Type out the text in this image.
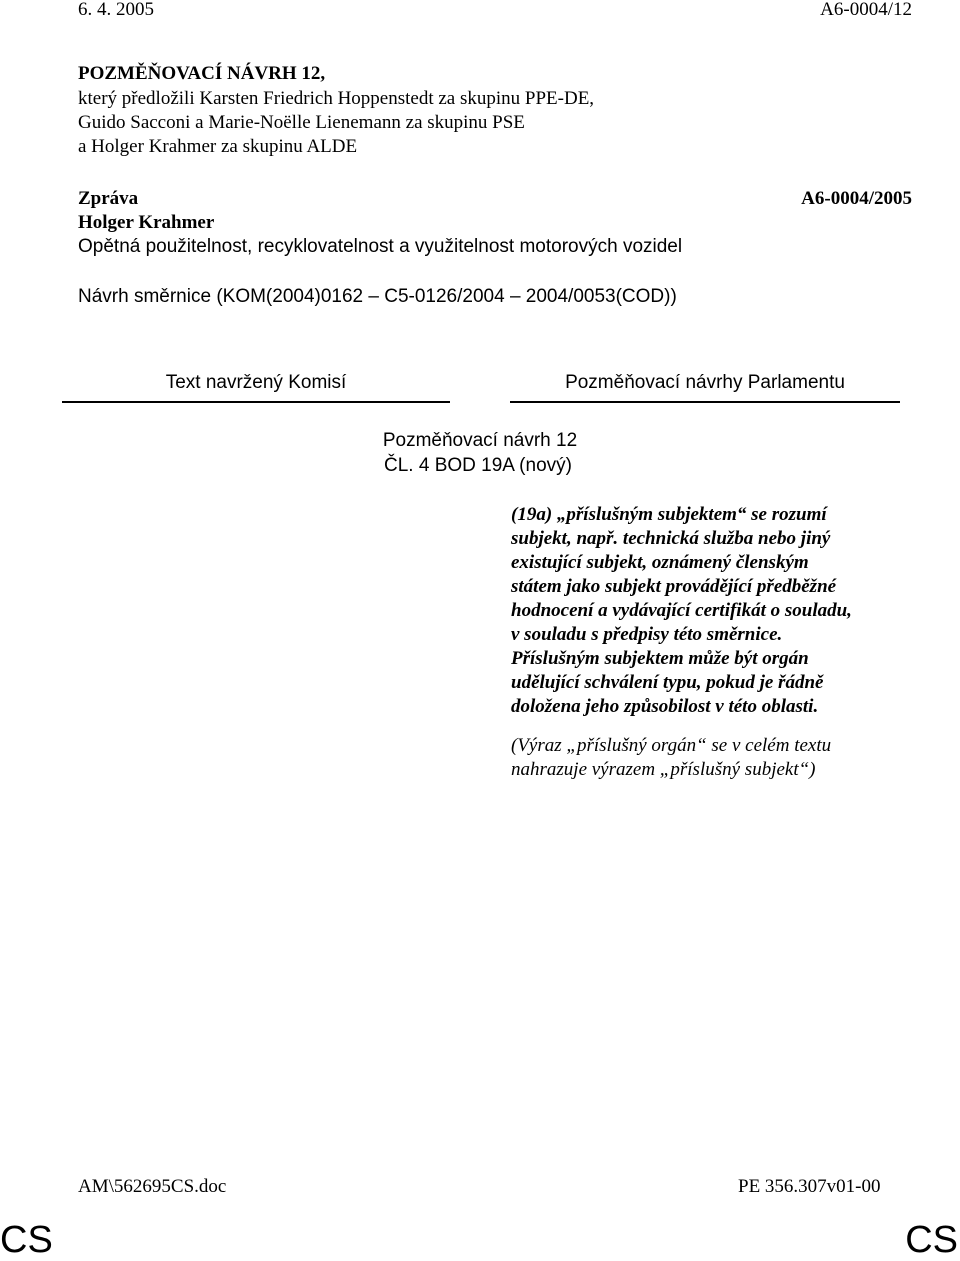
6. 4. 2005	A6-0004/12
POZMĚŇOVACÍ NÁVRH 12,
který předložili Karsten Friedrich Hoppenstedt za skupinu PPE-DE,
Guido Sacconi a Marie-Noëlle Lienemann za skupinu PSE
a Holger Krahmer za skupinu ALDE
Zpráva	A6-0004/2005
Holger Krahmer
Opětná použitelnost, recyklovatelnost a využitelnost motorových vozidel
Návrh směrnice (KOM(2004)0162 – C5-0126/2004 – 2004/0053(COD))
Text navržený Komisí	Pozměňovací návrhy Parlamentu
Pozměňovací návrh 12
ČL. 4 BOD 19A (nový)
(19a) „příslušným subjektem“ se rozumí
subjekt, např. technická služba nebo jiný
existující subjekt, oznámený členským
státem jako subjekt provádějící předběžné
hodnocení a vydávající certifikát o souladu,
v souladu s předpisy této směrnice.
Příslušným subjektem může být orgán
udělující schválení typu, pokud je řádně
doložena jeho způsobilost v této oblasti.
(Výraz „příslušný orgán“ se v celém textu
nahrazuje výrazem „příslušný subjekt“)
AM\562695CS.doc	PE 356.307v01-00
CS	CS
